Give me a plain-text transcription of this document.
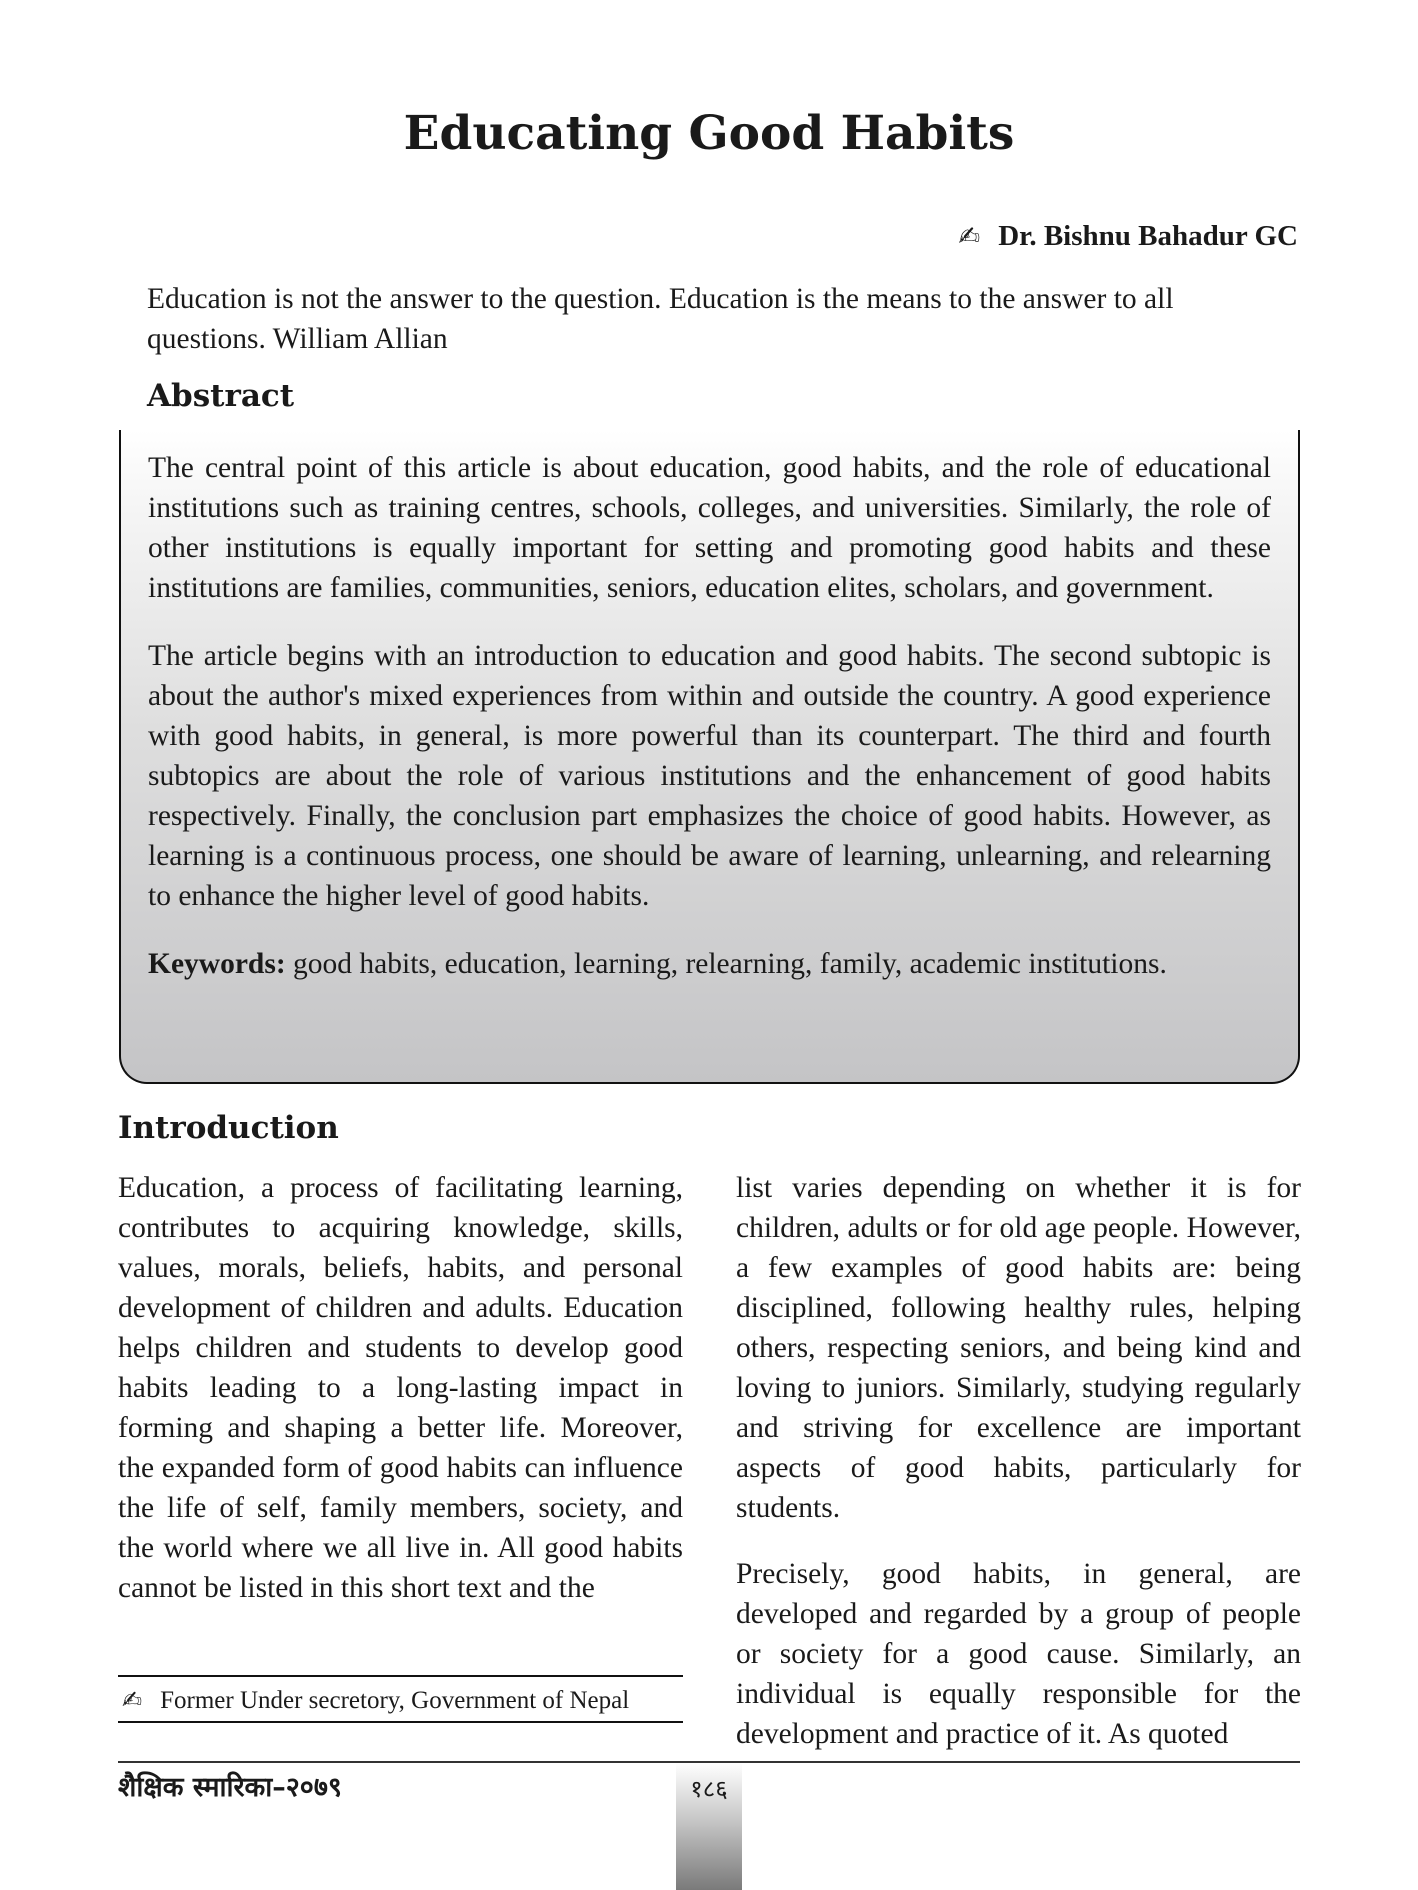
Educating Good Habits
✍ Dr. Bishnu Bahadur GC
Education is not the answer to the question. Education is the means to the answer to all questions. William Allian
Abstract

The central point of this article is about education, good habits, and the role of educational institutions such as training centres, schools, colleges, and universities. Similarly, the role of other institutions is equally important for setting and promoting good habits and these institutions are families, communities, seniors, education elites, scholars, and government.

The article begins with an introduction to education and good habits. The second subtopic is about the author's mixed experiences from within and outside the country. A good experience with good habits, in general, is more powerful than its counterpart. The third and fourth subtopics are about the role of various institutions and the enhancement of good habits respectively. Finally, the conclusion part emphasizes the choice of good habits. However, as learning is a continuous process, one should be aware of learning, unlearning, and relearning to enhance the higher level of good habits.

Keywords: good habits, education, learning, relearning, family, academic institutions.

Introduction

Education, a process of facilitating learning, contributes to acquiring knowledge, skills, values, morals, beliefs, habits, and personal development of children and adults. Education helps children and students to develop good habits leading to a long-lasting impact in forming and shaping a better life. Moreover, the expanded form of good habits can influence the life of self, family members, society, and the world where we all live in. All good habits cannot be listed in this short text and the

list varies depending on whether it is for children, adults or for old age people. However, a few examples of good habits are: being disciplined, following healthy rules, helping others, respecting seniors, and being kind and loving to juniors. Similarly, studying regularly and striving for excellence are important aspects of good habits, particularly for students.

Precisely, good habits, in general, are developed and regarded by a group of people or society for a good cause. Similarly, an individual is equally responsible for the development and practice of it. As quoted

✍ Former Under secretory, Government of Nepal
शैक्षिक स्मारिका–२०७९	१८६
